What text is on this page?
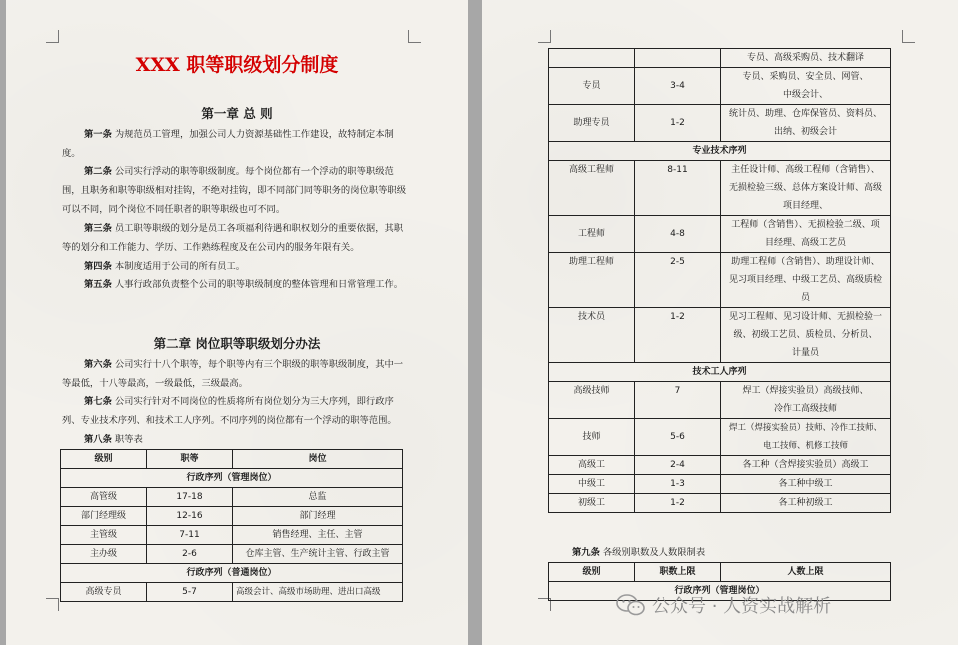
XXX 职等职级划分制度
第一章 总 则
第一条 为规范员工管理，加强公司人力资源基础性工作建设，故特制定本制度。
第二条 公司实行浮动的职等职级制度。每个岗位都有一个浮动的职等职级范围，且职务和职等职级相对挂钩，不绝对挂钩，即不同部门同等职务的岗位职等职级可以不同，同个岗位不同任职者的职等职级也可不同。
第三条 员工职等职级的划分是员工各项福利待遇和职权划分的重要依据，其职等的划分和工作能力、学历、工作熟练程度及在公司内的服务年限有关。
第四条 本制度适用于公司的所有员工。
第五条 人事行政部负责整个公司的职等职级制度的整体管理和日常管理工作。
第二章 岗位职等职级划分办法
第六条 公司实行十八个职等，每个职等内有三个职级的职等职级制度，其中一等最低，十八等最高，一级最低，三级最高。
第七条 公司实行针对不同岗位的性质将所有岗位划分为三大序列，即行政序列、专业技术序列、和技术工人序列。不同序列的岗位都有一个浮动的职等范围。
第八条 职等表
级别	职等	岗位
行政序列（管理岗位）		
高管级	17-18	总监
部门经理级	12-16	部门经理
主管级	7-11	销售经理、主任、主管
主办级	2-6	仓库主管、生产统计主管、行政主管
行政序列（普通岗位）		
高级专员	5-7	高级会计、高级市场助理、进出口高级
		专员、高级采购员、技术翻译
专员	3-4	专员、采购员、安全员、网管、
中级会计、

助理专员	1-2	统计员、助理、仓库保管员、资料员、
出纳、初级会计

专业技术序列		
高级工程师	8-11	主任设计师、高级工程师（含销售）、
无损检验三级、总体方案设计师、高级
项目经理、

工程师	4-8	工程师（含销售）、无损检验二级、项
目经理、高级工艺员

助理工程师	2-5	助理工程师（含销售）、助理设计师、
见习项目经理、中级工艺员、高级质检
员

技术员	1-2	见习工程师、见习设计师、无损检验一
级、初级工艺员、质检员、分析员、
计量员

技术工人序列		
高级技师	7	焊工（焊接实验员）高级技师、
冷作工高级技师

技师	5-6	焊工（焊接实验员）技师、冷作工技师、
电工技师、机修工技师

高级工	2-4	各工种（含焊接实验员）高级工
中级工	1-3	各工种中级工
初级工	1-2	各工种初级工
第九条 各级别职数及人数限制表
级别	职数上限	人数上限
行政序列（管理岗位）
公众号 · 人资实战解析
